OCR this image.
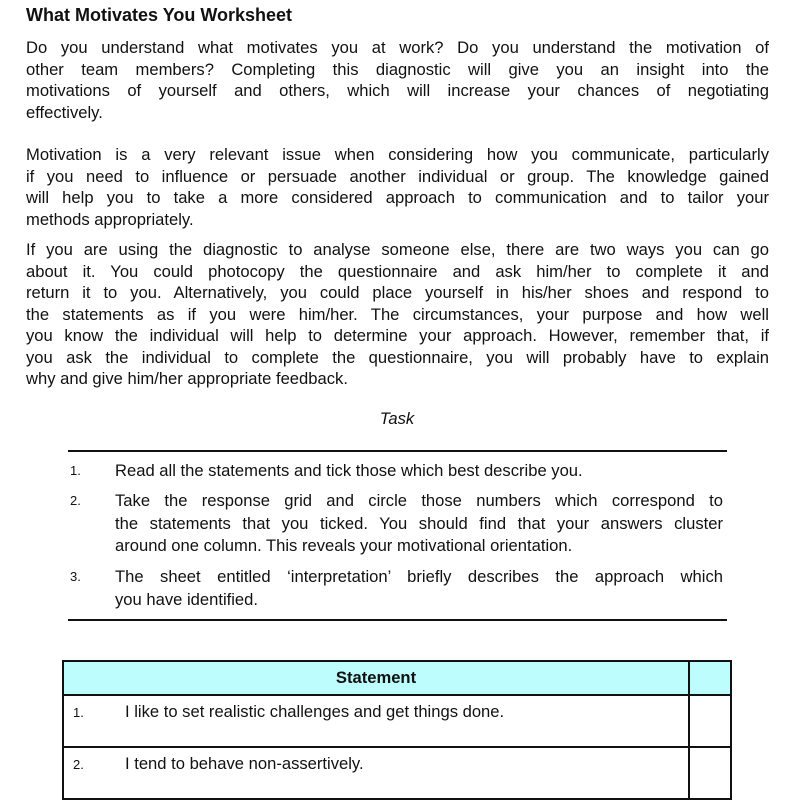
What Motivates You Worksheet
Do you understand what motivates you at work? Do you understand the motivation of
other team members? Completing this diagnostic will give you an insight into the
motivations of yourself and others, which will increase your chances of negotiating
effectively.
Motivation is a very relevant issue when considering how you communicate, particularly
if you need to influence or persuade another individual or group. The knowledge gained
will help you to take a more considered approach to communication and to tailor your
methods appropriately.
If you are using the diagnostic to analyse someone else, there are two ways you can go
about it. You could photocopy the questionnaire and ask him/her to complete it and
return it to you. Alternatively, you could place yourself in his/her shoes and respond to
the statements as if you were him/her. The circumstances, your purpose and how well
you know the individual will help to determine your approach. However, remember that, if
you ask the individual to complete the questionnaire, you will probably have to explain
why and give him/her appropriate feedback.
Task
1. Read all the statements and tick those which best describe you.
2. Take the response grid and circle those numbers which correspond to
the statements that you ticked. You should find that your answers cluster
around one column. This reveals your motivational orientation.
3. The sheet entitled ‘interpretation’ briefly describes the approach which
you have identified.
Statement	
1. I like to set realistic challenges and get things done.	
2. I tend to behave non-assertively.	
